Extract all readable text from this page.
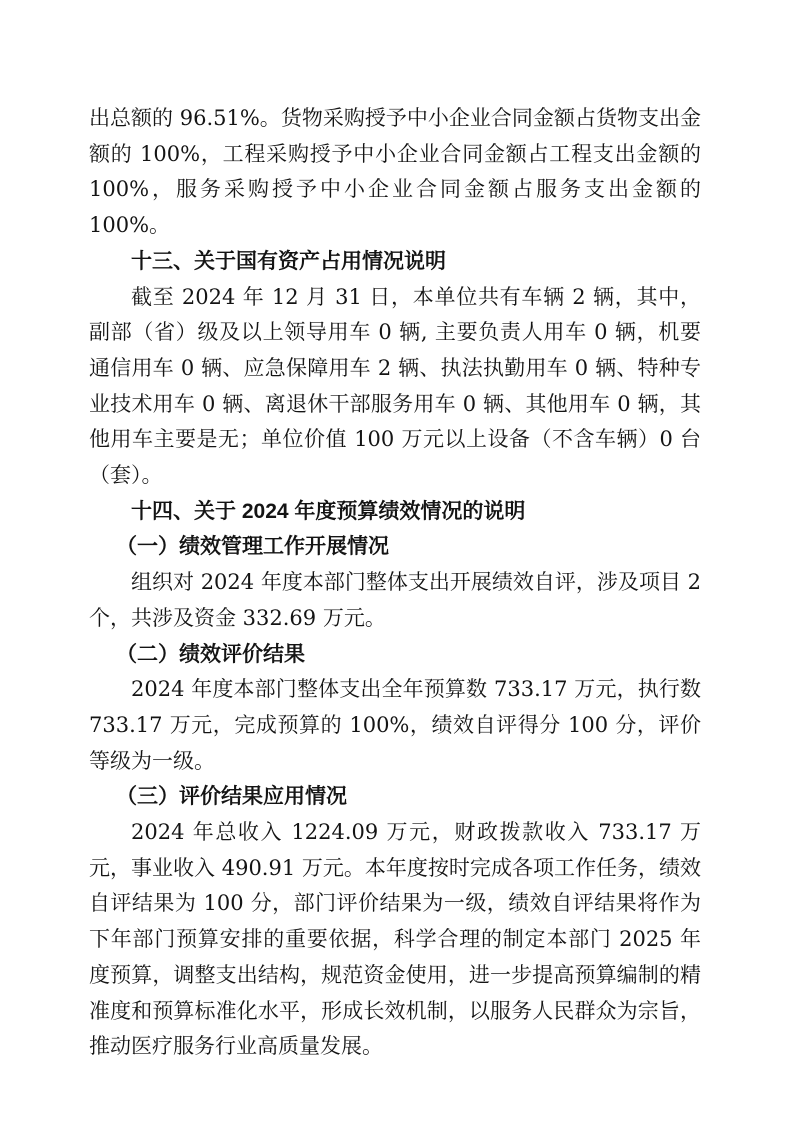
出总额的 96.51%。货物采购授予中小企业合同金额占货物支出金额的 100%，工程采购授予中小企业合同金额占工程支出金额的 100%，服务采购授予中小企业合同金额占服务支出金额的 100%。

十三、关于国有资产占用情况说明

截至 2024 年 12 月 31 日，本单位共有车辆 2 辆，其中，副部（省）级及以上领导用车 0 辆, 主要负责人用车 0 辆，机要通信用车 0 辆、应急保障用车 2 辆、执法执勤用车 0 辆、特种专业技术用车 0 辆、离退休干部服务用车 0 辆、其他用车 0 辆，其他用车主要是无；单位价值 100 万元以上设备（不含车辆）0 台（套）。

十四、关于 2024 年度预算绩效情况的说明

（一）绩效管理工作开展情况

组织对 2024 年度本部门整体支出开展绩效自评，涉及项目 2 个，共涉及资金 332.69 万元。

（二）绩效评价结果

2024 年度本部门整体支出全年预算数 733.17 万元，执行数 733.17 万元，完成预算的 100%，绩效自评得分 100 分，评价等级为一级。

（三）评价结果应用情况

2024 年总收入 1224.09 万元，财政拨款收入 733.17 万元，事业收入 490.91 万元。本年度按时完成各项工作任务，绩效自评结果为 100 分，部门评价结果为一级，绩效自评结果将作为下年部门预算安排的重要依据，科学合理的制定本部门 2025 年度预算，调整支出结构，规范资金使用，进一步提高预算编制的精准度和预算标准化水平，形成长效机制，以服务人民群众为宗旨，推动医疗服务行业高质量发展。
